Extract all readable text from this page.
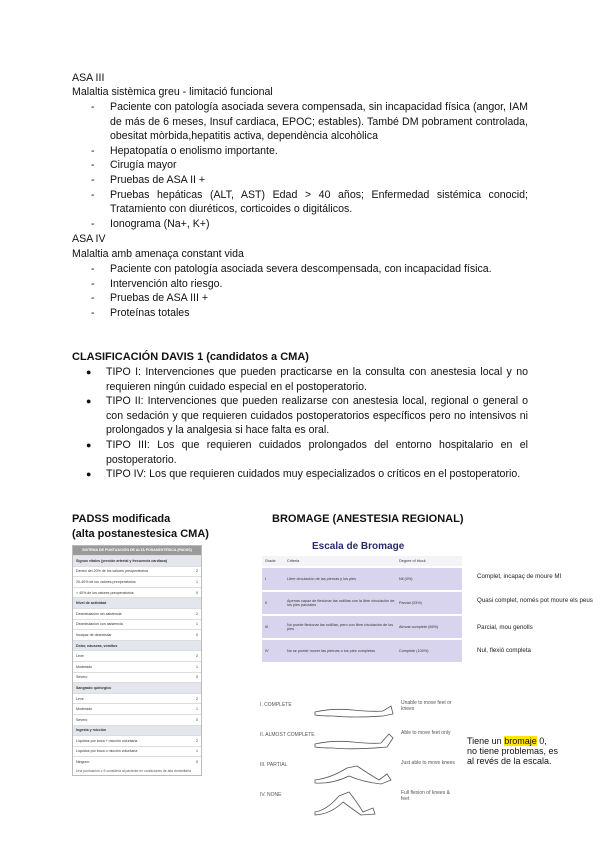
ASA III
Malaltia sistèmica greu - limitació funcional
- Paciente con patología asociada severa compensada, sin incapacidad física (angor, IAM de más de 6 meses, Insuf cardiaca, EPOC; estables). També DM pobrament controlada, obesitat mòrbida,hepatitis activa, dependència alcohòlica
- Hepatopatía o enolismo importante.
- Cirugía mayor
- Pruebas de ASA II +
- Pruebas hepáticas (ALT, AST) Edad > 40 años; Enfermedad sistémica conocid; Tratamiento con diuréticos, corticoides o digitálicos.
- Ionograma (Na+, K+)
ASA IV
Malaltia amb amenaça constant vida
- Paciente con patología asociada severa descompensada, con incapacidad física.
- Intervención alto riesgo.
- Pruebas de ASA III +
- Proteínas totales
CLASIFICACIÓN DAVIS 1 (candidatos a CMA)
● TIPO I: Intervenciones que pueden practicarse en la consulta con anestesia local y no requieren ningún cuidado especial en el postoperatorio.
● TIPO II: Intervenciones que pueden realizarse con anestesia local, regional o general o con sedación y que requieren cuidados postoperatorios específicos pero no intensivos ni prolongados y la analgesia si hace falta es oral.
● TIPO III: Los que requieren cuidados prolongados del entorno hospitalario en el postoperatorio.
● TIPO IV: Los que requieren cuidados muy especializados o críticos en el postoperatorio.
PADSS modificada
(alta postanestesica CMA)
SISTEMA DE PUNTUACIÓN DE ALTA POSANESTÉSICA (PADSS)
Signos vitales (presión arterial y frecuencia cardiaca)
Dentro del 20% de los valores preoperatorios	2
20-40% de los valores preoperatorios	1
> 40% de los valores preoperatorios	0
Nivel de actividad
Deambulación sin asistencia	2
Deambulación con asistencia	1
Incapaz de deambular	0
Dolor, náuseas, vómitos
Leve	2
Moderado	1
Severo	0
Sangrado quirúrgico
Leve	2
Moderado	1
Severo	0
Ingesta y micción
Líquidos por boca + micción voluntaria	2
Líquidos por boca o micción voluntaria	1
Ninguno	0
Una puntuación ≥ 9 considera al paciente en condiciones de alta domiciliaria
BROMAGE (ANESTESIA REGIONAL)
Escala de Bromage
Grade	Criteria	Degree of block
I	Libre circulación de las piernas y los pies	Nil (0%)
II	Apenas capaz de flexionar las rodillas con la libre circulación de los pies parciales	Parcial (33%)
III	No puede flexionar las rodillas, pero con libre circulación de los pies	Almost complete (66%)
IV	No se puede mover las piernas o los pies completos	Complete (100%)
Complet, incapaç de moure MI
Quasi complet, només pot moure els peus
Parcial, mou genolls
Nul, flexió completa
I. COMPLETE	Unable to move feet or knees
II. ALMOST COMPLETE	Able to move feet only
III. PARTIAL	Just able to move knees
IV. NONE	Full flexion of knees & feet
Tiene un bromaje 0,
no tiene problemas, es
al revés de la escala.
